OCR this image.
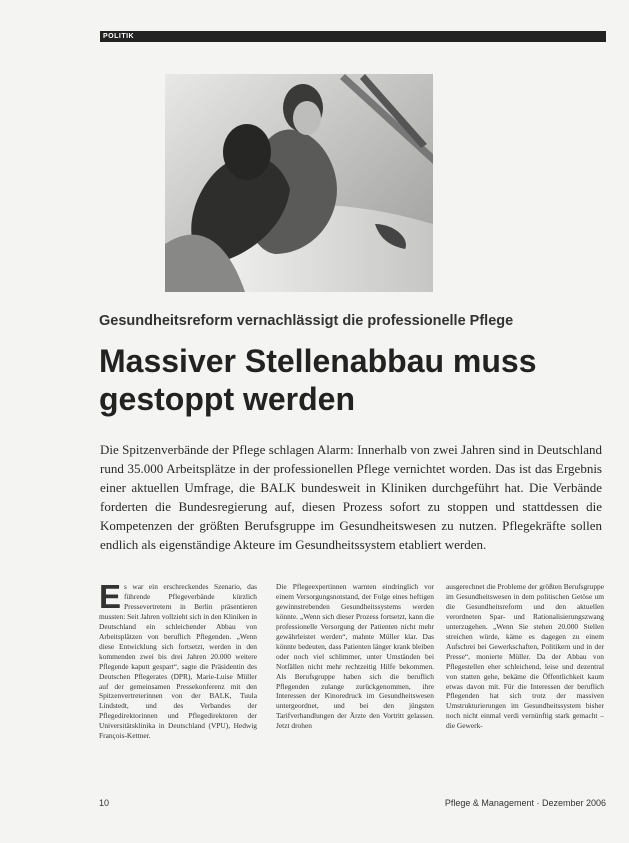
POLITIK
Gesundheitsreform vernachlässigt die professionelle Pflege
Massiver Stellenabbau muss gestoppt werden
Die Spitzenverbände der Pflege schlagen Alarm: Innerhalb von zwei Jahren sind in Deutschland rund 35.000 Arbeitsplätze in der professionellen Pflege vernichtet worden. Das ist das Ergebnis einer aktuellen Umfrage, die BALK bundesweit in Kliniken durchgeführt hat. Die Verbände forderten die Bundesregierung auf, diesen Prozess sofort zu stoppen und stattdessen die Kompetenzen der größten Berufsgruppe im Gesundheitswesen zu nutzen. Pflegekräfte sollen endlich als eigenständige Akteure im Gesundheitssystem etabliert werden.
E s war ein erschreckendes Szenario, das führende Pflegeverbände kürzlich Pressevertretern in Berlin präsentieren mussten: Seit Jahren vollzieht sich in den Kliniken in Deutschland ein schleichender Abbau von Arbeitsplätzen von beruflich Pflegenden. „Wenn diese Entwicklung sich fortsetzt, werden in den kommenden zwei bis drei Jahren 20.000 weitere Pflegende kaputt gespart“, sagte die Präsidentin des Deutschen Pflegerates (DPR), Marie-Luise Müller auf der gemeinsamen Pressekonferenz mit den Spitzenvertreterinnen von der BALK, Tuula Lindstedt, und des Verbandes der Pflegedirektorinnen und Pflegedirektoren der Universitätsklinika in Deutschland (VPU), Hedwig François-Kettner.

Die Pflegeexpertinnen warnten eindringlich vor einem Versorgungsnotstand, der Folge eines heftigen gewinnstrebenden Gesundheitssystems werden könnte. „Wenn sich dieser Prozess fortsetzt, kann die professionelle Versorgung der Patienten nicht mehr gewährleistet werden“, mahnte Müller klar. Das könnte bedeuten, dass Patienten länger krank bleiben oder noch viel schlimmer, unter Umständen bei Notfällen nicht mehr rechtzeitig Hilfe bekommen. Als Berufsgruppe haben sich die beruflich Pflegenden zulange zurückgenommen, ihre Interessen der Kinoredruck im Gesundheitswesen untergeordnet, und bei den jüngsten Tarifverhandlungen der Ärzte den Vortritt gelassen. Jetzt drohen

ausgerechnet die Probleme der größten Berufsgruppe im Gesundheitswesen in dem politischen Getöse um die Gesundheitsreform und den aktuellen verordneten Spar- und Rationalisierungszwang unterzugehen. „Wenn Sie stehen 20.000 Stellen streichen würde, käme es dagegen zu einem Aufschrei bei Gewerkschaften, Politikern und in der Presse“, monierte Müller. Da der Abbau von Pflegestellen eher schleichend, leise und dezentral von statten gehe, bekäme die Öffentlichkeit kaum etwas davon mit. Für die Interessen der beruflich Pflegenden hat sich trotz der massiven Umstrukturierungen im Gesundheitssystem bisher noch nicht einmal verdi vernünftig stark gemacht – die Gewerk-

10	Pflege & Management · Dezember 2006
